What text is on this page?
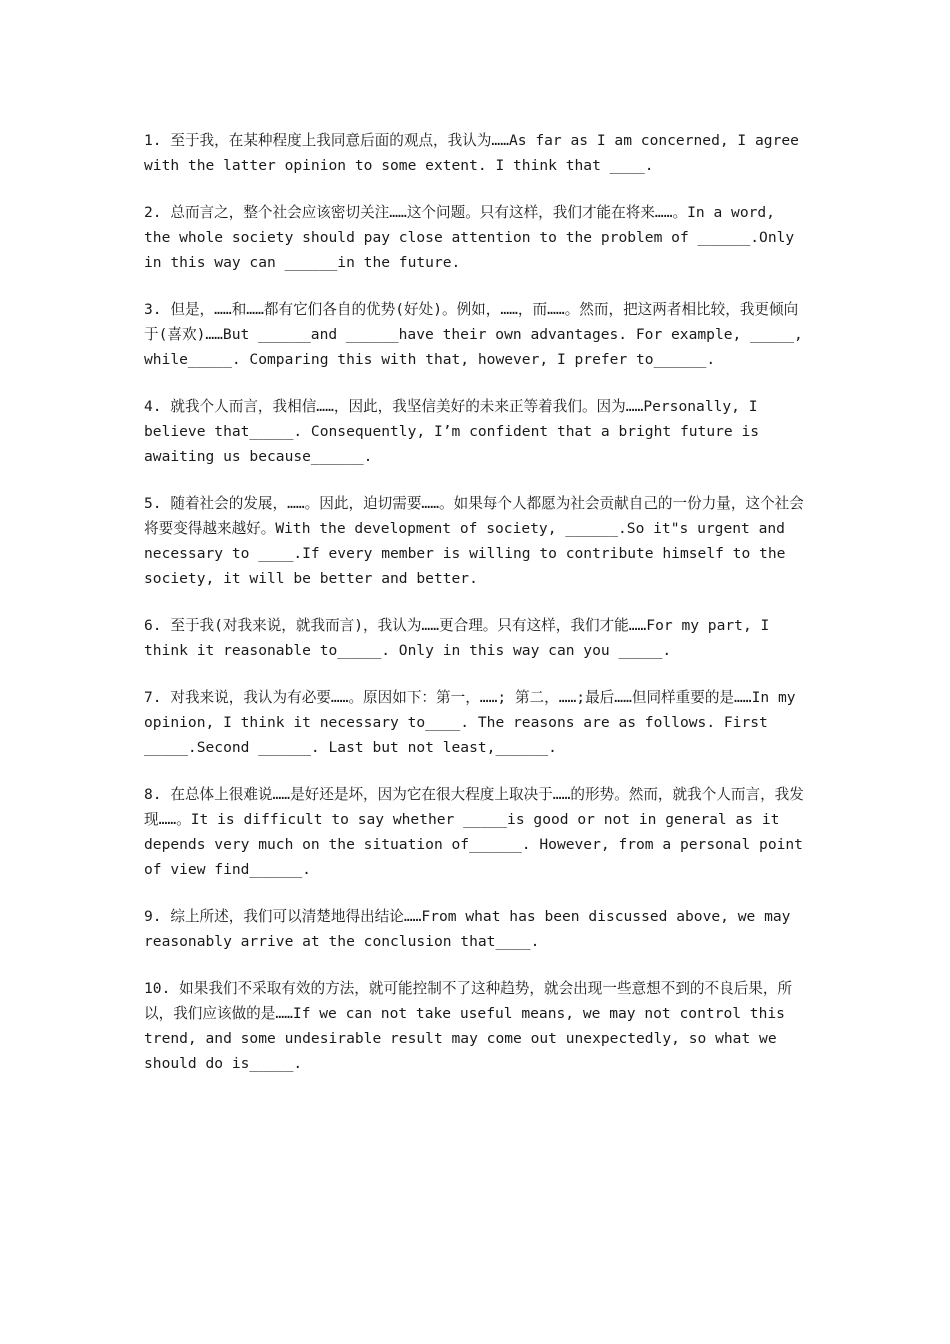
1. 至于我，在某种程度上我同意后面的观点，我认为……As far as I am concerned, I agree with the latter opinion to some extent. I think that ____.

2. 总而言之，整个社会应该密切关注……这个问题。只有这样，我们才能在将来……。In a word, the whole society should pay close attention to the problem of ______.Only in this way can ______in the future.

3. 但是，……和……都有它们各自的优势(好处)。例如，……，而……。然而，把这两者相比较，我更倾向于(喜欢)……But ______and ______have their own advantages. For example, _____, while_____. Comparing this with that, however, I prefer to______.

4. 就我个人而言，我相信……，因此，我坚信美好的未来正等着我们。因为……Personally, I believe that_____. Consequently, I’m confident that a bright future is awaiting us because______.

5. 随着社会的发展，……。因此，迫切需要……。如果每个人都愿为社会贡献自己的一份力量，这个社会将要变得越来越好。With the development of society, ______.So it"s urgent and necessary to ____.If every member is willing to contribute himself to the society, it will be better and better.

6. 至于我(对我来说，就我而言)，我认为……更合理。只有这样，我们才能……For my part, I think it reasonable to_____. Only in this way can you _____.

7. 对我来说，我认为有必要……。原因如下：第一，……; 第二，……;最后……但同样重要的是……In my opinion, I think it necessary to____. The reasons are as follows. First _____.Second ______. Last but not least,______.

8. 在总体上很难说……是好还是坏，因为它在很大程度上取决于……的形势。然而，就我个人而言，我发现……。It is difficult to say whether _____is good or not in general as it depends very much on the situation of______. However, from a personal point of view find______.

9. 综上所述，我们可以清楚地得出结论……From what has been discussed above, we may reasonably arrive at the conclusion that____.

10. 如果我们不采取有效的方法，就可能控制不了这种趋势，就会出现一些意想不到的不良后果，所以，我们应该做的是……If we can not take useful means, we may not control this trend, and some undesirable result may come out unexpectedly, so what we should do is_____.
